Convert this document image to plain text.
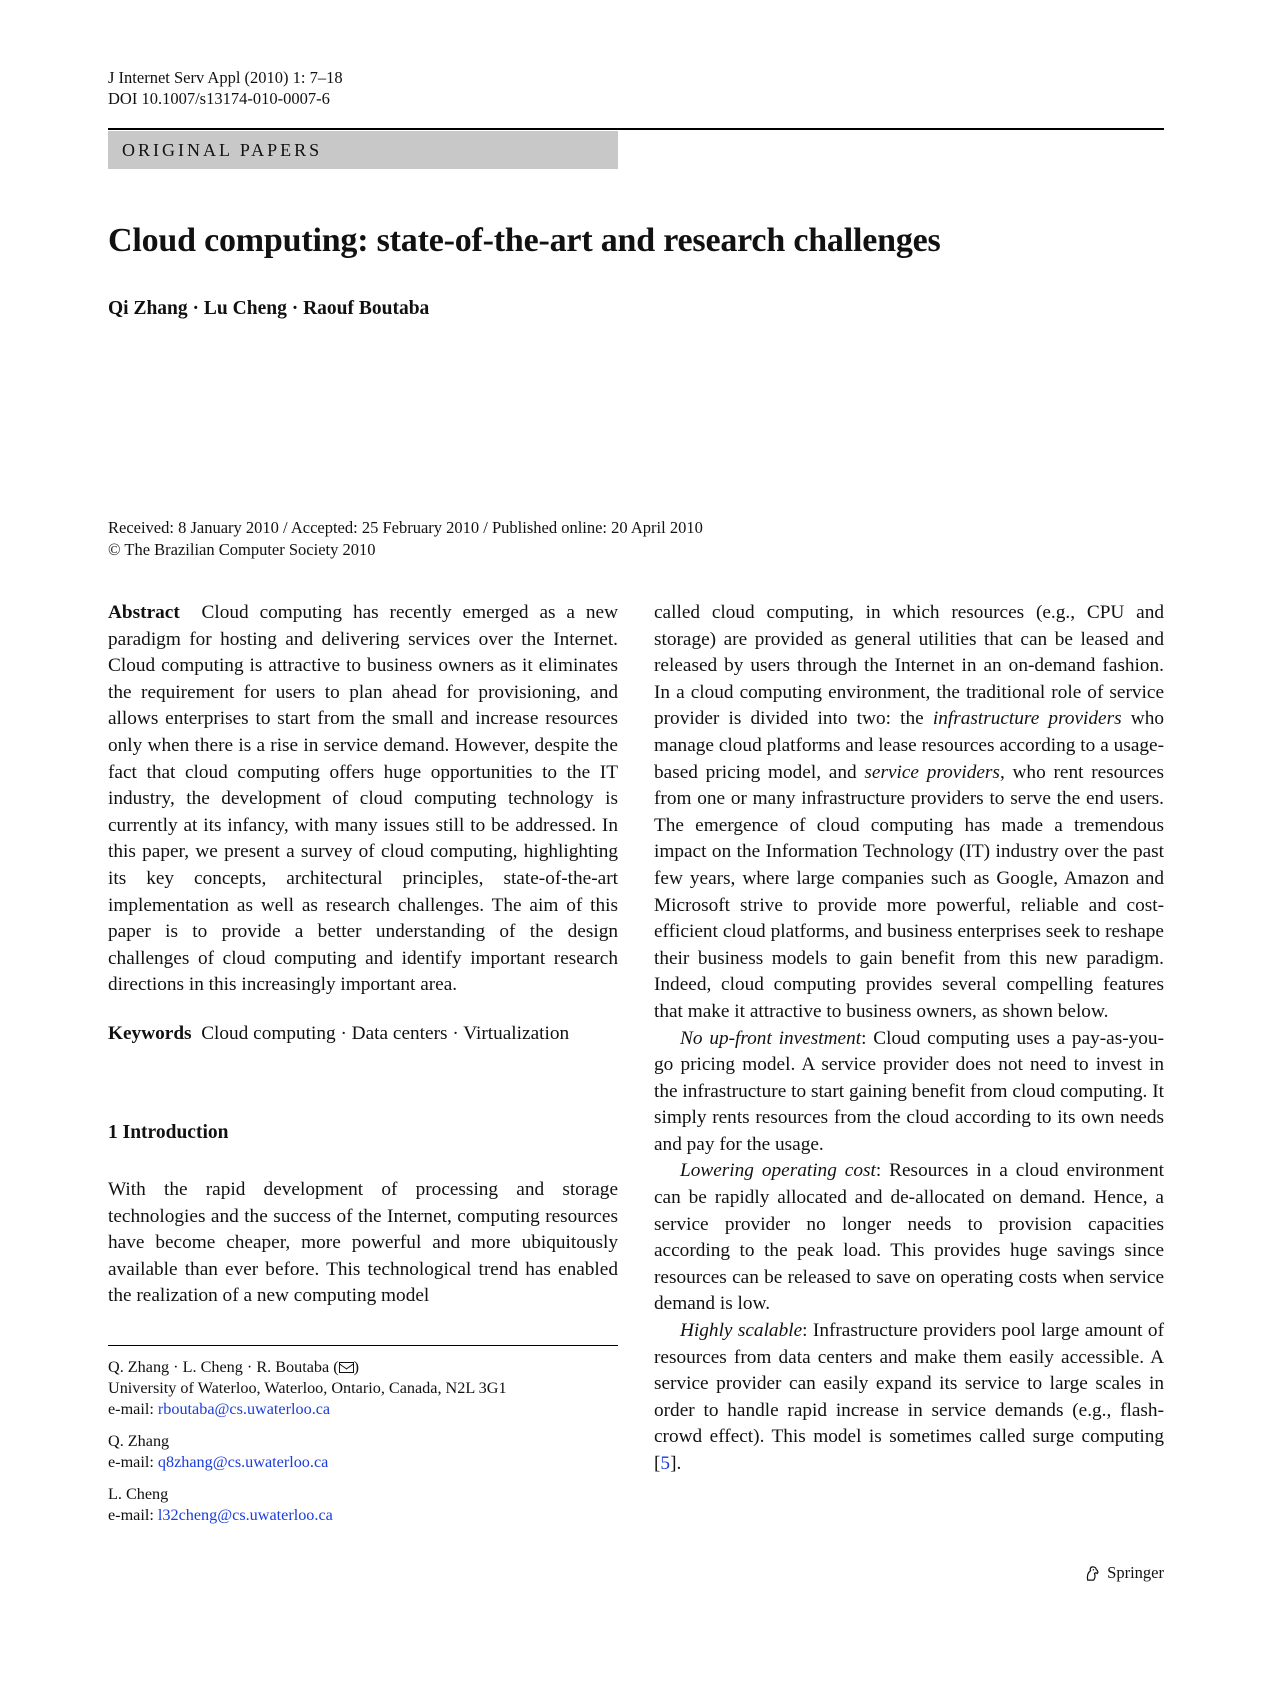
J Internet Serv Appl (2010) 1: 7–18
DOI 10.1007/s13174-010-0007-6
ORIGINAL PAPERS
Cloud computing: state-of-the-art and research challenges
Qi Zhang · Lu Cheng · Raouf Boutaba
Received: 8 January 2010 / Accepted: 25 February 2010 / Published online: 20 April 2010
© The Brazilian Computer Society 2010

Abstract Cloud computing has recently emerged as a new paradigm for hosting and delivering services over the Internet. Cloud computing is attractive to business owners as it eliminates the requirement for users to plan ahead for provisioning, and allows enterprises to start from the small and increase resources only when there is a rise in service demand. However, despite the fact that cloud computing offers huge opportunities to the IT industry, the development of cloud computing technology is currently at its infancy, with many issues still to be addressed. In this paper, we present a survey of cloud computing, highlighting its key concepts, architectural principles, state-of-the-art implementation as well as research challenges. The aim of this paper is to provide a better understanding of the design challenges of cloud computing and identify important research directions in this increasingly important area.

Keywords Cloud computing · Data centers · Virtualization

1 Introduction

With the rapid development of processing and storage technologies and the success of the Internet, computing resources have become cheaper, more powerful and more ubiquitously available than ever before. This technological trend has enabled the realization of a new computing model

Q. Zhang · L. Cheng · R. Boutaba ( )
University of Waterloo, Waterloo, Ontario, Canada, N2L 3G1
e-mail: rboutaba@cs.uwaterloo.ca
Q. Zhang
e-mail: q8zhang@cs.uwaterloo.ca
L. Cheng
e-mail: l32cheng@cs.uwaterloo.ca

called cloud computing, in which resources (e.g., CPU and storage) are provided as general utilities that can be leased and released by users through the Internet in an on-demand fashion. In a cloud computing environment, the traditional role of service provider is divided into two: the infrastructure providers who manage cloud platforms and lease resources according to a usage-based pricing model, and service providers, who rent resources from one or many infrastructure providers to serve the end users. The emergence of cloud computing has made a tremendous impact on the Information Technology (IT) industry over the past few years, where large companies such as Google, Amazon and Microsoft strive to provide more powerful, reliable and cost-efficient cloud platforms, and business enterprises seek to reshape their business models to gain benefit from this new paradigm. Indeed, cloud computing provides several compelling features that make it attractive to business owners, as shown below.

No up-front investment: Cloud computing uses a pay-as-you-go pricing model. A service provider does not need to invest in the infrastructure to start gaining benefit from cloud computing. It simply rents resources from the cloud according to its own needs and pay for the usage.

Lowering operating cost: Resources in a cloud environment can be rapidly allocated and de-allocated on demand. Hence, a service provider no longer needs to provision capacities according to the peak load. This provides huge savings since resources can be released to save on operating costs when service demand is low.

Highly scalable: Infrastructure providers pool large amount of resources from data centers and make them easily accessible. A service provider can easily expand its service to large scales in order to handle rapid increase in service demands (e.g., flash-crowd effect). This model is sometimes called surge computing [5].

Springer
